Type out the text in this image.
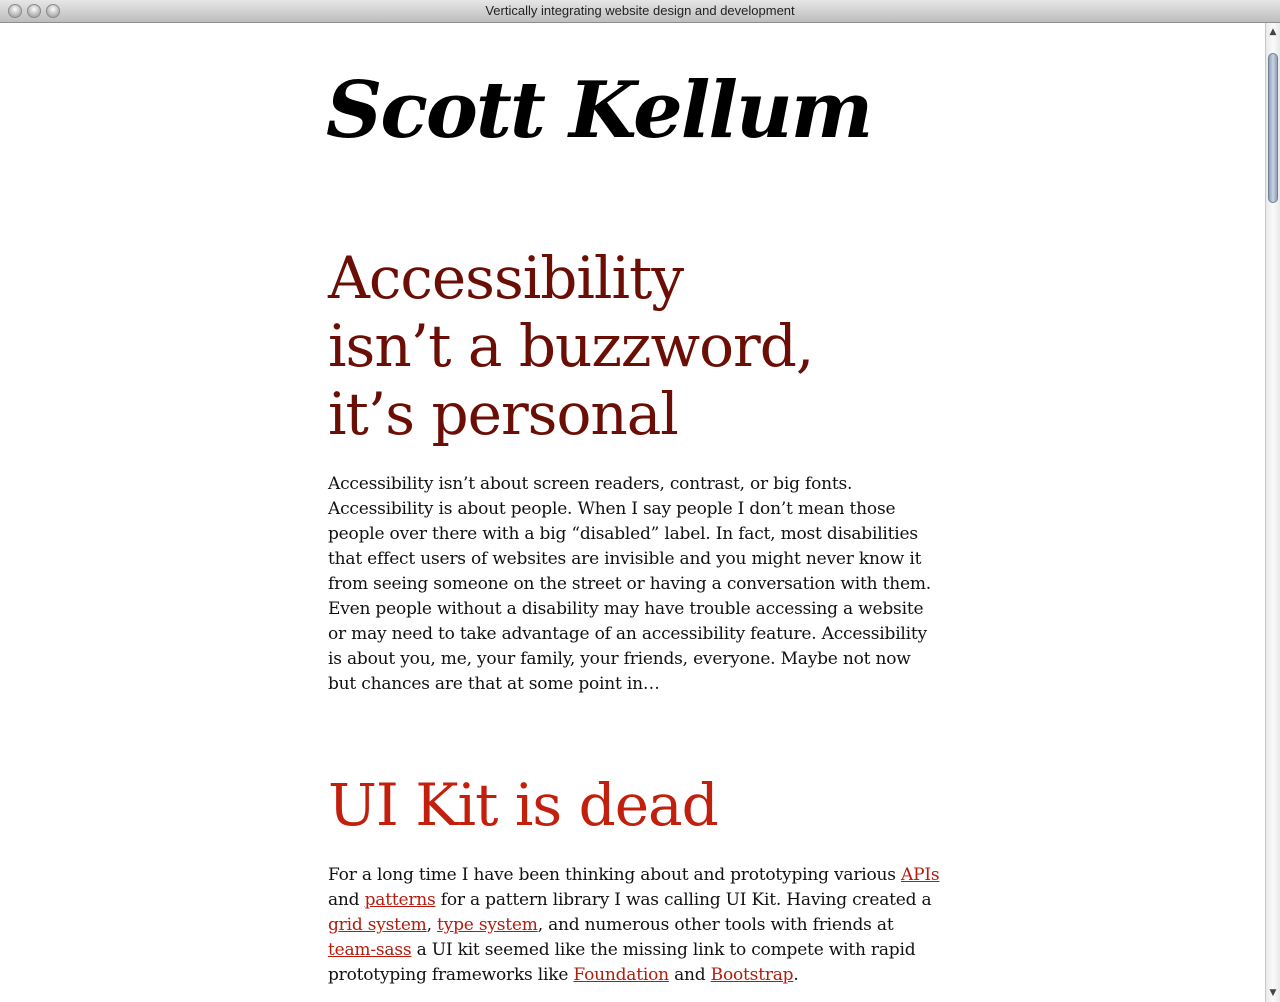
Vertically integrating website design and development
▲
▼
Scott Kellum
Accessibility
isn’t a buzzword,
it’s personal

Accessibility isn’t about screen readers, contrast, or big fonts. Accessibility is about people. When I say people I don’t mean those people over there with a big “disabled” label. In fact, most disabilities that effect users of websites are invisible and you might never know it from seeing someone on the street or having a conversation with them. Even people without a disability may have trouble accessing a website or may need to take advantage of an accessibility feature. Accessibility is about you, me, your family, your friends, everyone. Maybe not now but chances are that at some point in…

UI Kit is dead

For a long time I have been thinking about and prototyping various APIs and patterns for a pattern library I was calling UI Kit. Having created a grid system, type system, and numerous other tools with friends at team-sass a UI kit seemed like the missing link to compete with rapid prototyping frameworks like Foundation and Bootstrap.
